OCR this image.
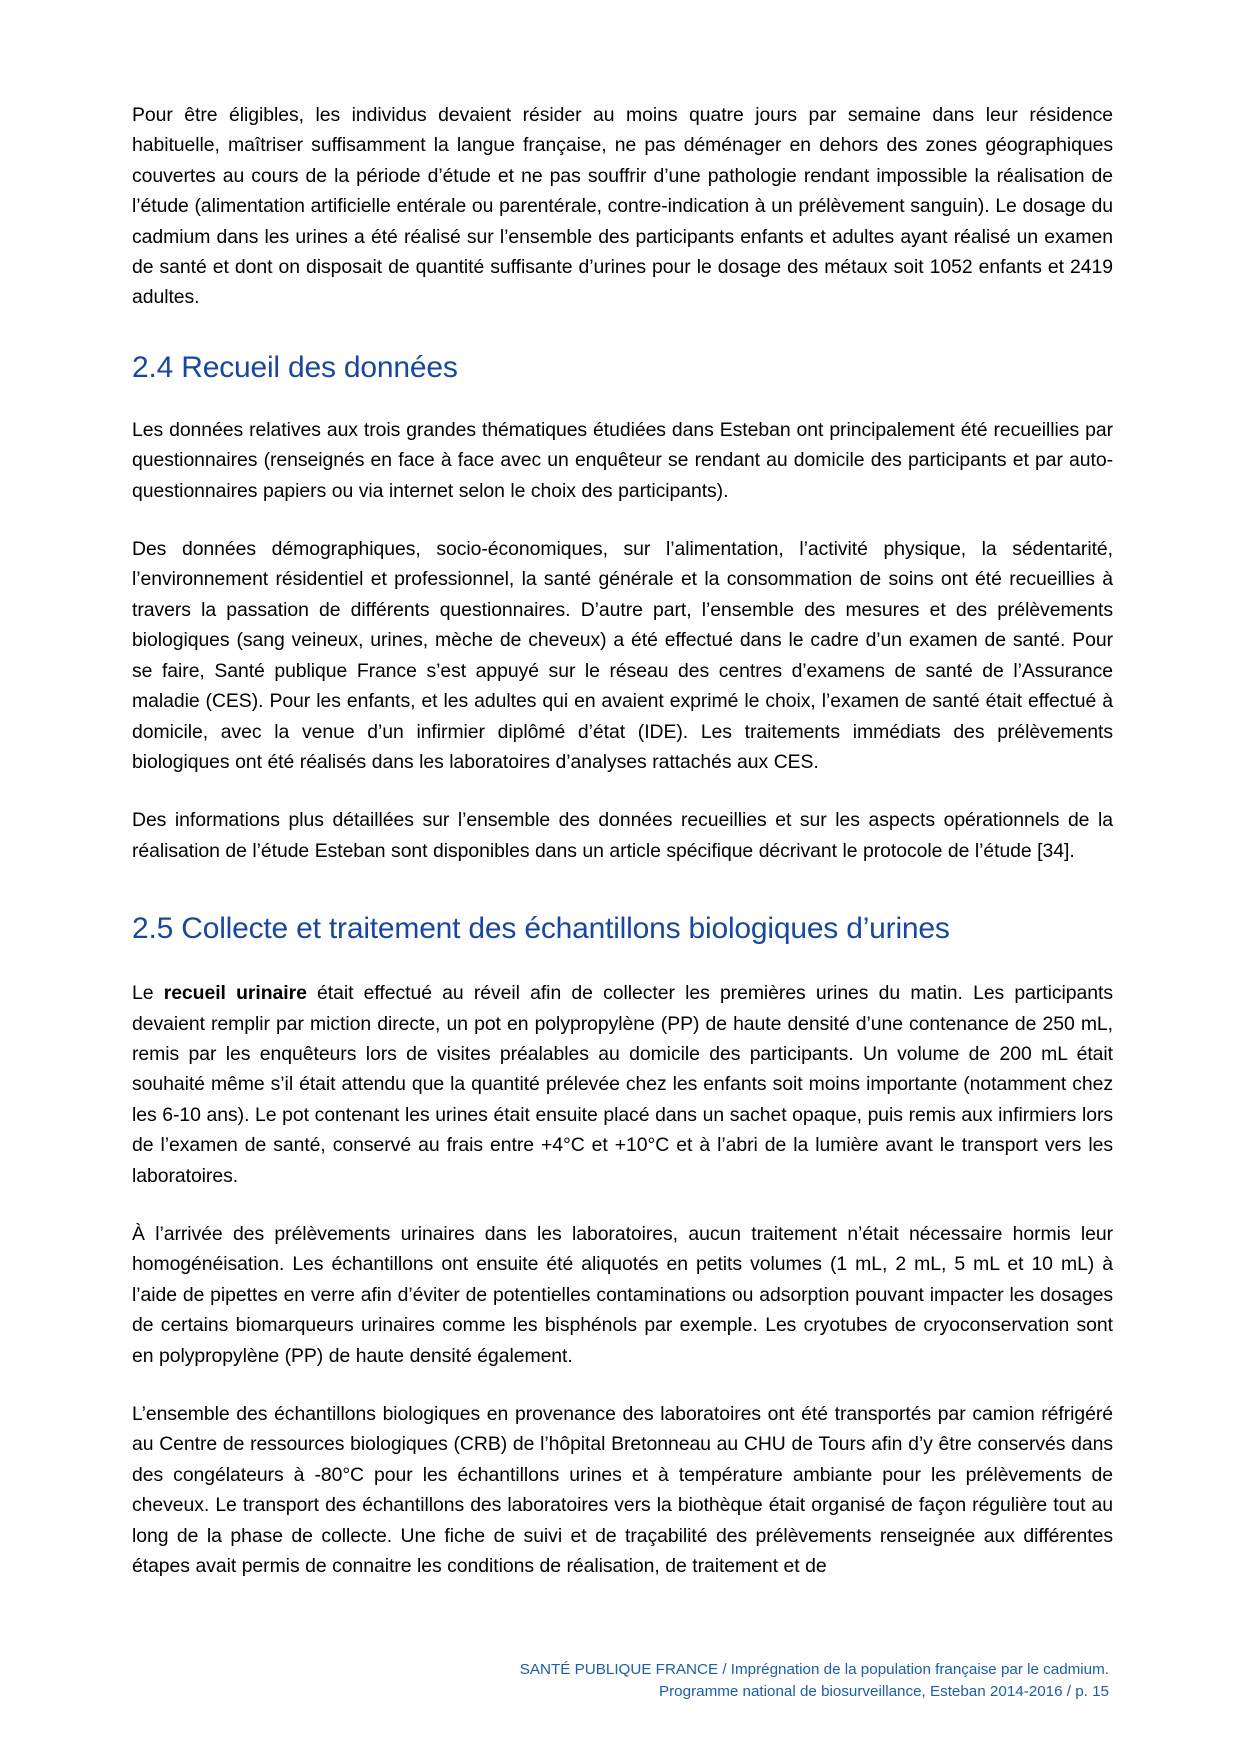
Pour être éligibles, les individus devaient résider au moins quatre jours par semaine dans leur résidence habituelle, maîtriser suffisamment la langue française, ne pas déménager en dehors des zones géographiques couvertes au cours de la période d’étude et ne pas souffrir d’une pathologie rendant impossible la réalisation de l’étude (alimentation artificielle entérale ou parentérale, contre-indication à un prélèvement sanguin). Le dosage du cadmium dans les urines a été réalisé sur l’ensemble des participants enfants et adultes ayant réalisé un examen de santé et dont on disposait de quantité suffisante d’urines pour le dosage des métaux soit 1052 enfants et 2419 adultes.

2.4 Recueil des données

Les données relatives aux trois grandes thématiques étudiées dans Esteban ont principalement été recueillies par questionnaires (renseignés en face à face avec un enquêteur se rendant au domicile des participants et par auto-questionnaires papiers ou via internet selon le choix des participants).

Des données démographiques, socio-économiques, sur l’alimentation, l’activité physique, la sédentarité, l’environnement résidentiel et professionnel, la santé générale et la consommation de soins ont été recueillies à travers la passation de différents questionnaires. D’autre part, l’ensemble des mesures et des prélèvements biologiques (sang veineux, urines, mèche de cheveux) a été effectué dans le cadre d’un examen de santé. Pour se faire, Santé publique France s’est appuyé sur le réseau des centres d’examens de santé de l’Assurance maladie (CES). Pour les enfants, et les adultes qui en avaient exprimé le choix, l’examen de santé était effectué à domicile, avec la venue d’un infirmier diplômé d’état (IDE). Les traitements immédiats des prélèvements biologiques ont été réalisés dans les laboratoires d’analyses rattachés aux CES.

Des informations plus détaillées sur l’ensemble des données recueillies et sur les aspects opérationnels de la réalisation de l’étude Esteban sont disponibles dans un article spécifique décrivant le protocole de l’étude [34].

2.5 Collecte et traitement des échantillons biologiques d’urines

Le recueil urinaire était effectué au réveil afin de collecter les premières urines du matin. Les participants devaient remplir par miction directe, un pot en polypropylène (PP) de haute densité d’une contenance de 250 mL, remis par les enquêteurs lors de visites préalables au domicile des participants. Un volume de 200 mL était souhaité même s’il était attendu que la quantité prélevée chez les enfants soit moins importante (notamment chez les 6-10 ans). Le pot contenant les urines était ensuite placé dans un sachet opaque, puis remis aux infirmiers lors de l’examen de santé, conservé au frais entre +4°C et +10°C et à l’abri de la lumière avant le transport vers les laboratoires.

À l’arrivée des prélèvements urinaires dans les laboratoires, aucun traitement n’était nécessaire hormis leur homogénéisation. Les échantillons ont ensuite été aliquotés en petits volumes (1 mL, 2 mL, 5 mL et 10 mL) à l’aide de pipettes en verre afin d’éviter de potentielles contaminations ou adsorption pouvant impacter les dosages de certains biomarqueurs urinaires comme les bisphénols par exemple. Les cryotubes de cryoconservation sont en polypropylène (PP) de haute densité également.

L’ensemble des échantillons biologiques en provenance des laboratoires ont été transportés par camion réfrigéré au Centre de ressources biologiques (CRB) de l’hôpital Bretonneau au CHU de Tours afin d’y être conservés dans des congélateurs à -80°C pour les échantillons urines et à température ambiante pour les prélèvements de cheveux. Le transport des échantillons des laboratoires vers la biothèque était organisé de façon régulière tout au long de la phase de collecte. Une fiche de suivi et de traçabilité des prélèvements renseignée aux différentes étapes avait permis de connaitre les conditions de réalisation, de traitement et de

SANTÉ PUBLIQUE FRANCE / Imprégnation de la population française par le cadmium.
Programme national de biosurveillance, Esteban 2014-2016 / p. 15
